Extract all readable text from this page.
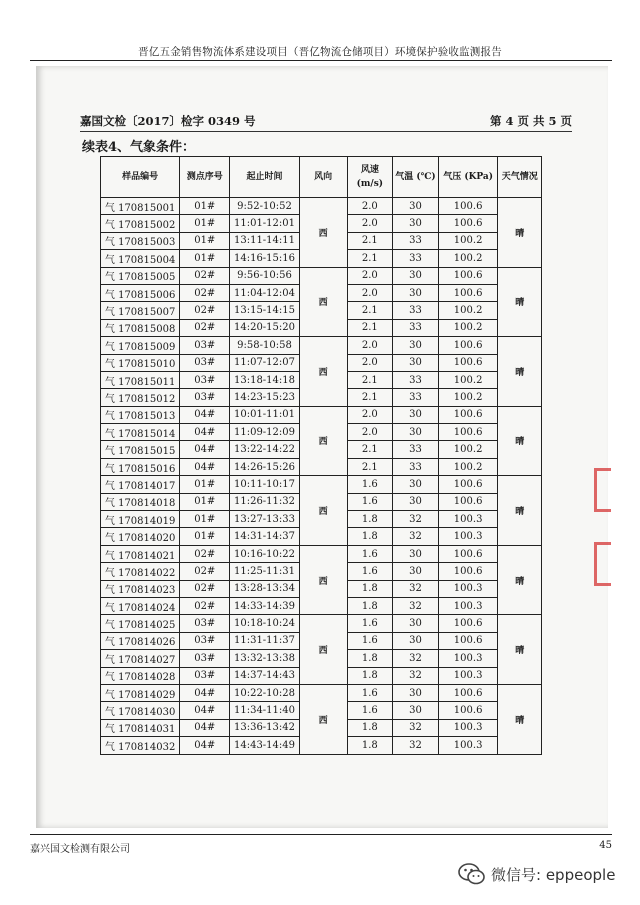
晋亿五金销售物流体系建设项目（晋亿物流仓储项目）环境保护验收监测报告
嘉国文检〔2017〕检字 0349 号	第 4 页 共 5 页
续表4、气象条件：
样品编号	测点序号	起止时间	风向	风速 (m/s)	气温 (℃)	气压 (KPa)	天气情况
气 170815001	01#	9:52-10:52	西	2.0	30	100.6	晴
气 170815002	01#	11:01-12:01		2.0	30	100.6	
气 170815003	01#	13:11-14:11		2.1	33	100.2	
气 170815004	01#	14:16-15:16		2.1	33	100.2	
气 170815005	02#	9:56-10:56	西	2.0	30	100.6	晴
气 170815006	02#	11:04-12:04		2.0	30	100.6	
气 170815007	02#	13:15-14:15		2.1	33	100.2	
气 170815008	02#	14:20-15:20		2.1	33	100.2	
气 170815009	03#	9:58-10:58	西	2.0	30	100.6	晴
气 170815010	03#	11:07-12:07		2.0	30	100.6	
气 170815011	03#	13:18-14:18		2.1	33	100.2	
气 170815012	03#	14:23-15:23		2.1	33	100.2	
气 170815013	04#	10:01-11:01	西	2.0	30	100.6	晴
气 170815014	04#	11:09-12:09		2.0	30	100.6	
气 170815015	04#	13:22-14:22		2.1	33	100.2	
气 170815016	04#	14:26-15:26		2.1	33	100.2	
气 170814017	01#	10:11-10:17	西	1.6	30	100.6	晴
气 170814018	01#	11:26-11:32		1.6	30	100.6	
气 170814019	01#	13:27-13:33		1.8	32	100.3	
气 170814020	01#	14:31-14:37		1.8	32	100.3	
气 170814021	02#	10:16-10:22	西	1.6	30	100.6	晴
气 170814022	02#	11:25-11:31		1.6	30	100.6	
气 170814023	02#	13:28-13:34		1.8	32	100.3	
气 170814024	02#	14:33-14:39		1.8	32	100.3	
气 170814025	03#	10:18-10:24	西	1.6	30	100.6	晴
气 170814026	03#	11:31-11:37		1.6	30	100.6	
气 170814027	03#	13:32-13:38		1.8	32	100.3	
气 170814028	03#	14:37-14:43		1.8	32	100.3	
气 170814029	04#	10:22-10:28	西	1.6	30	100.6	晴
气 170814030	04#	11:34-11:40		1.6	30	100.6	
气 170814031	04#	13:36-13:42		1.8	32	100.3	
气 170814032	04#	14:43-14:49		1.8	32	100.3	
嘉兴国文检测有限公司	45
微信号: eppeople
